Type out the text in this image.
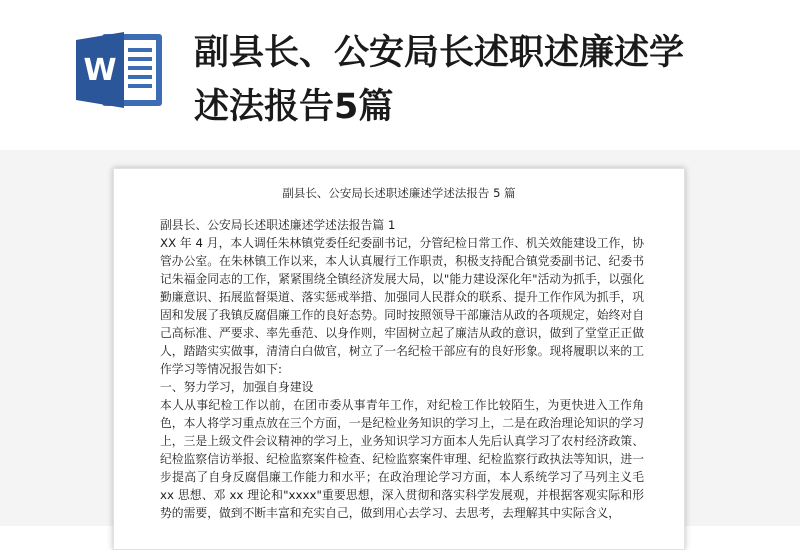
W 副县长、公安局长述职述廉述学
述法报告5篇
副县长、公安局长述职述廉述学述法报告 5 篇

副县长、公安局长述职述廉述学述法报告篇 1

XX 年 4 月，本人调任朱林镇党委任纪委副书记，分管纪检日常工作、机关效能建设工作，协管办公室。在朱林镇工作以来，本人认真履行工作职责，积极支持配合镇党委副书记、纪委书记朱福金同志的工作，紧紧围绕全镇经济发展大局，以"能力建设深化年"活动为抓手，以强化勤廉意识、拓展监督渠道、落实惩戒举措、加强同人民群众的联系、提升工作作风为抓手，巩固和发展了我镇反腐倡廉工作的良好态势。同时按照领导干部廉洁从政的各项规定，始终对自己高标准、严要求、率先垂范、以身作则，牢固树立起了廉洁从政的意识，做到了堂堂正正做人，踏踏实实做事，清清白白做官，树立了一名纪检干部应有的良好形象。现将履职以来的工作学习等情况报告如下:

一、努力学习，加强自身建设

本人从事纪检工作以前，在团市委从事青年工作，对纪检工作比较陌生，为更快进入工作角色，本人将学习重点放在三个方面，一是纪检业务知识的学习上，二是在政治理论知识的学习上，三是上级文件会议精神的学习上，业务知识学习方面本人先后认真学习了农村经济政策、纪检监察信访举报、纪检监察案件检查、纪检监察案件审理、纪检监察行政执法等知识，进一步提高了自身反腐倡廉工作能力和水平；在政治理论学习方面，本人系统学习了马列主义毛 xx 思想、邓 xx 理论和"xxxx"重要思想，深入贯彻和落实科学发展观，并根据客观实际和形势的需要，做到不断丰富和充实自己，做到用心去学习、去思考，去理解其中实际含义，
